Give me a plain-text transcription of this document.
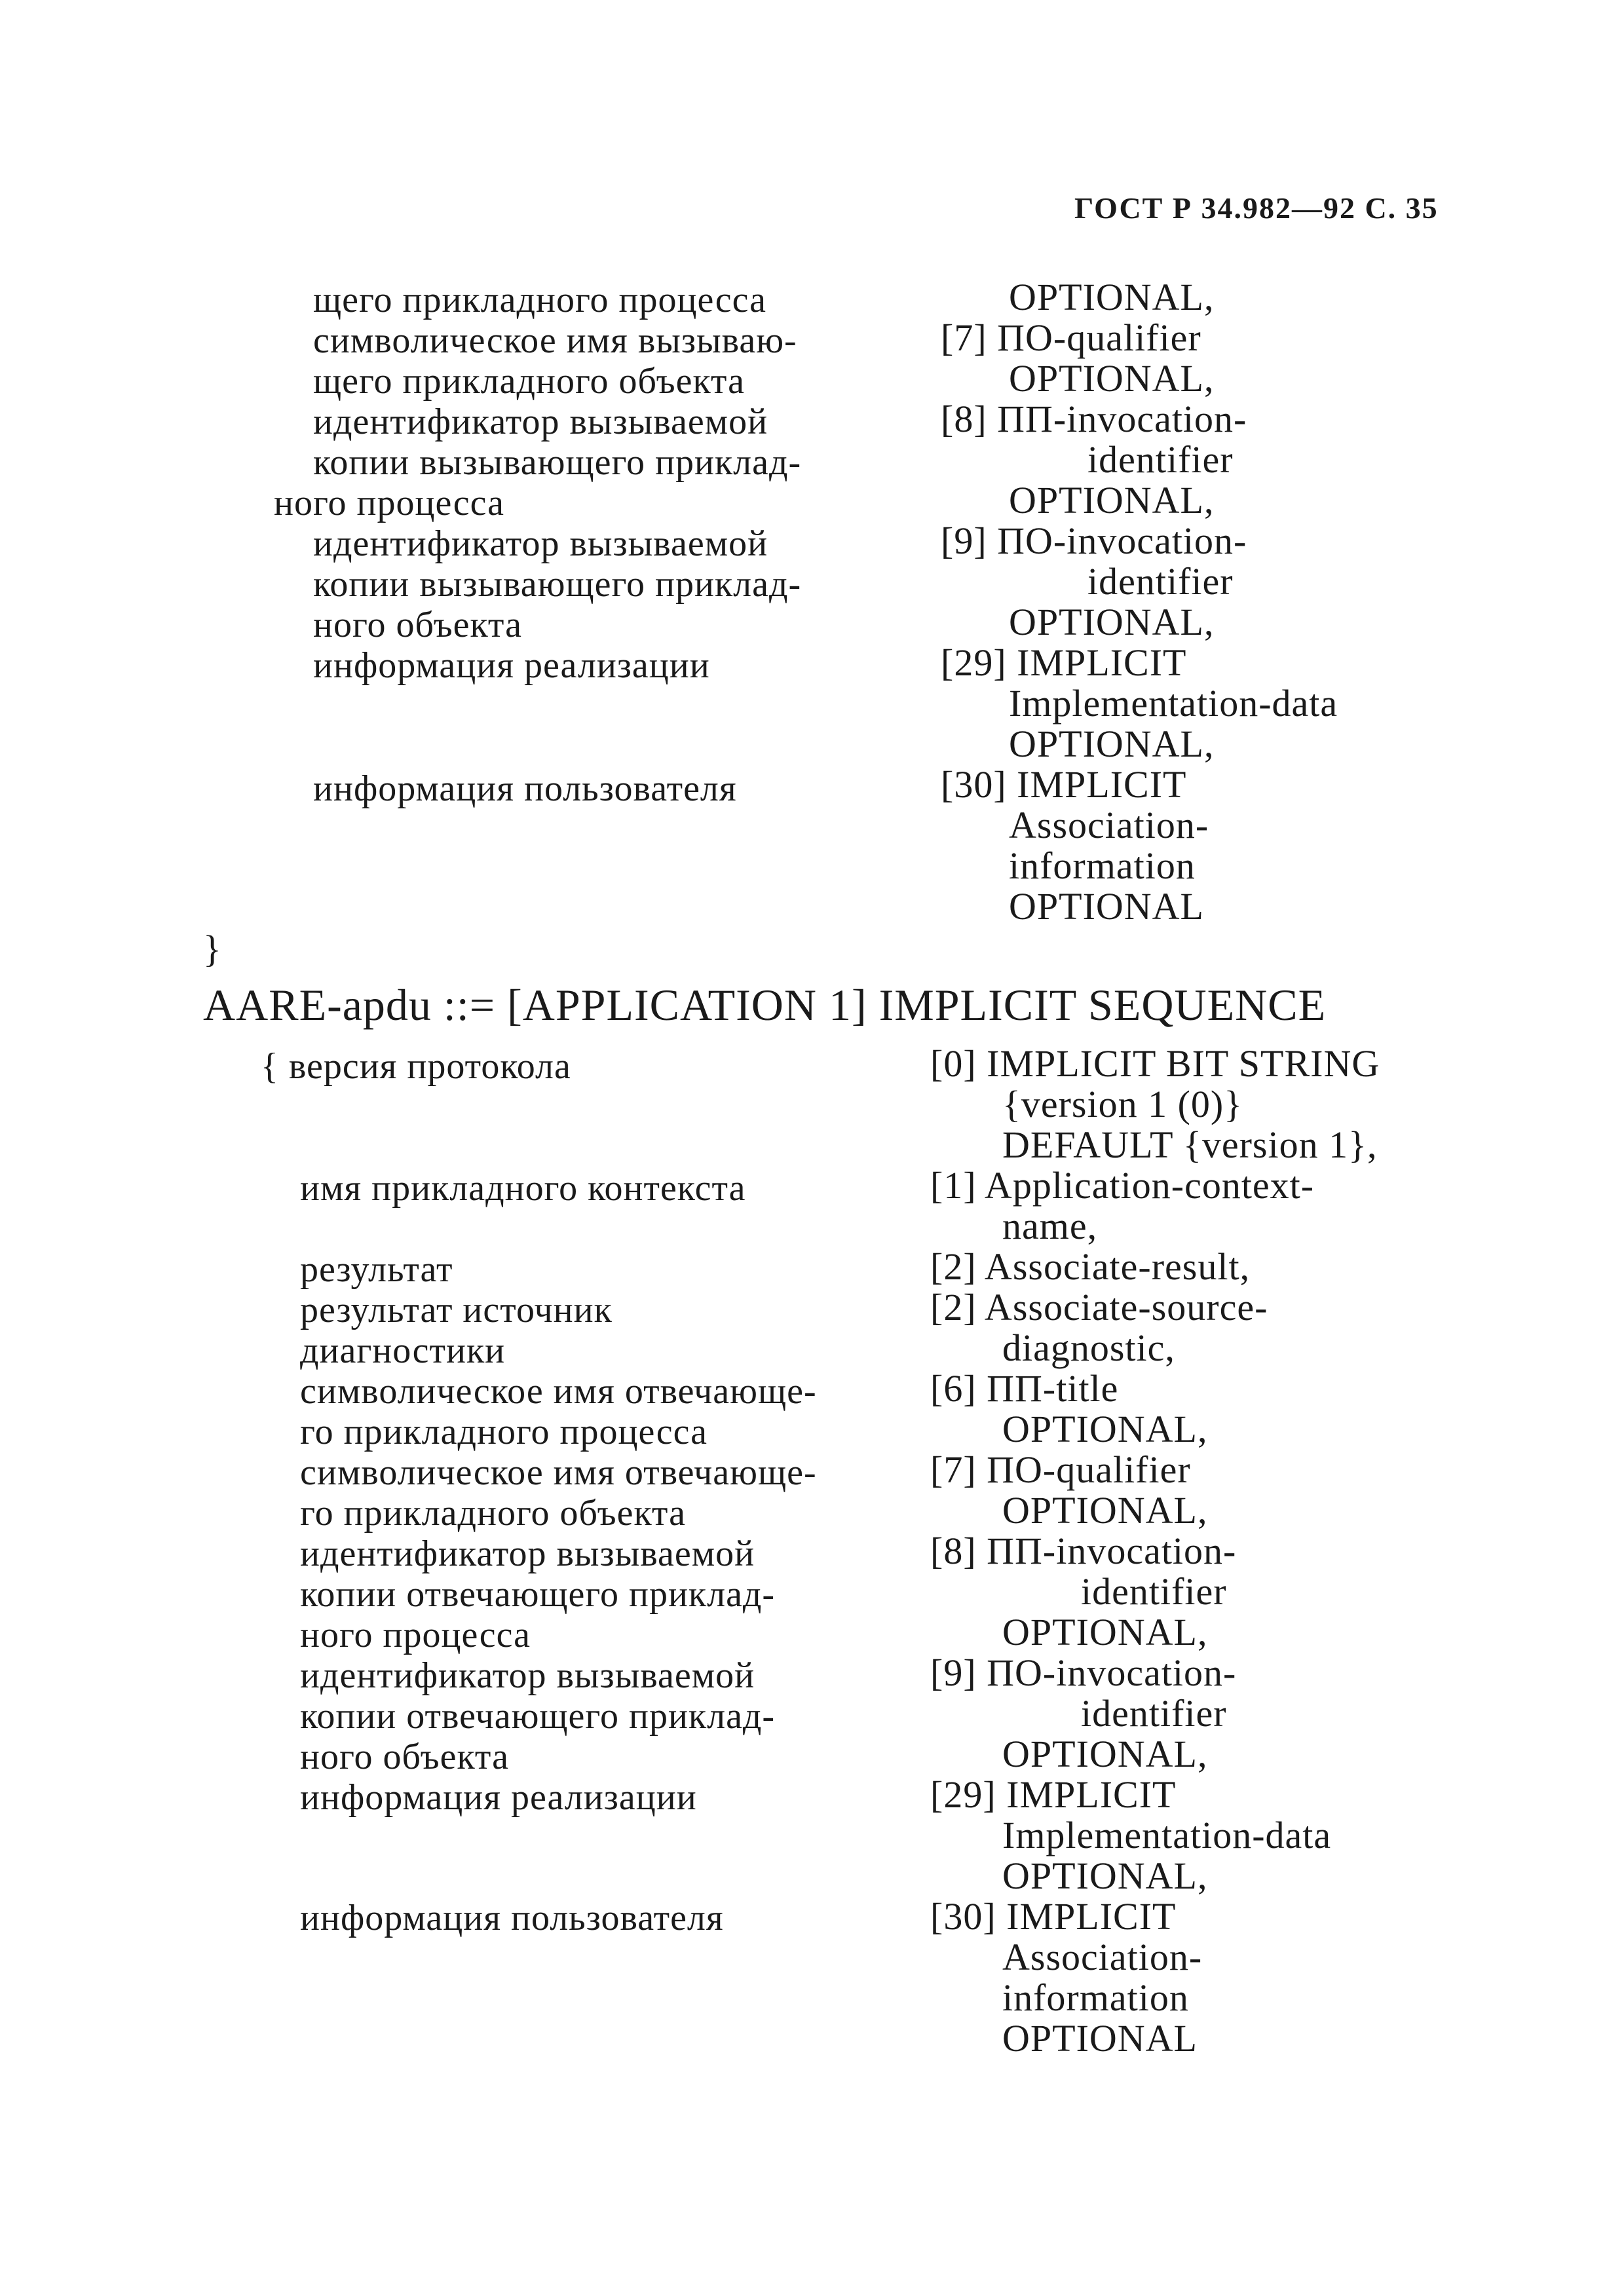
ГОСТ Р 34.982—92 С. 35
щего прикладного процесса
символическое имя вызываю-
щего прикладного объекта
идентификатор вызываемой
копии вызывающего приклад-
ного процесса
идентификатор вызываемой
копии вызывающего приклад-
ного объекта
информация реализации
информация пользователя
OPTIONAL,
[7] ПО-qualifier
OPTIONAL,
[8] ПП-invocation-
identifier
OPTIONAL,
[9] ПО-invocation-
identifier
OPTIONAL,
[29] IMPLICIT
Implementation-data
OPTIONAL,
[30] IMPLICIT
Association-
information
OPTIONAL
}
AARE-apdu ::= [APPLICATION 1] IMPLICIT SEQUENCE
{ версия протокола
имя прикладного контекста
результат
результат источник
диагностики
символическое имя отвечающе-
го прикладного процесса
символическое имя отвечающе-
го прикладного объекта
идентификатор вызываемой
копии отвечающего приклад-
ного процесса
идентификатор вызываемой
копии отвечающего приклад-
ного объекта
информация реализации
информация пользователя
[0] IMPLICIT BIT STRING
{version 1 (0)}
DEFAULT {version 1},
[1] Application-context-
name,
[2] Associate-result,
[2] Associate-source-
diagnostic,
[6] ПП-title
OPTIONAL,
[7] ПО-qualifier
OPTIONAL,
[8] ПП-invocation-
identifier
OPTIONAL,
[9] ПО-invocation-
identifier
OPTIONAL,
[29] IMPLICIT
Implementation-data
OPTIONAL,
[30] IMPLICIT
Association-
information
OPTIONAL
